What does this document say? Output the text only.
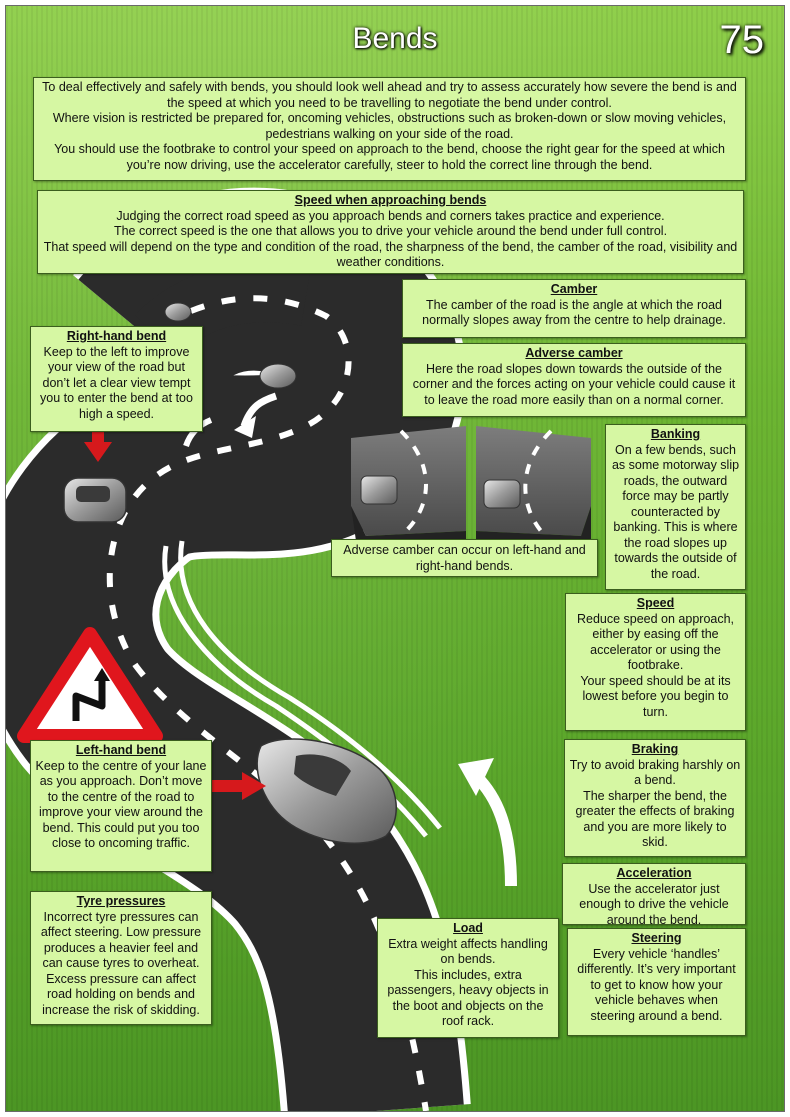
Bends	75
To deal effectively and safely with bends, you should look well ahead and try to assess accurately how severe the bend is and the speed at which you need to be travelling to negotiate the bend under control.
Where vision is restricted be prepared for, oncoming vehicles, obstructions such as broken-down or slow moving vehicles, pedestrians walking on your side of the road.
You should use the footbrake to control your speed on approach to the bend, choose the right gear for the speed at which you’re now driving, use the accelerator carefully, steer to hold the correct line through the bend.
Speed when approaching bends
Judging the correct road speed as you approach bends and corners takes practice and experience.
The correct speed is the one that allows you to drive your vehicle around the bend under full control.
That speed will depend on the type and condition of the road, the sharpness of the bend, the camber of the road, visibility and weather conditions.
Camber
The camber of the road is the angle at which the road normally slopes away from the centre to help drainage.
Adverse camber
Here the road slopes down towards the outside of the corner and the forces acting on your vehicle could cause it to leave the road more easily than on a normal corner.
Right-hand bend
Keep to the left to improve your view of the road but don’t let a clear view tempt you to enter the bend at too high a speed.
Banking
On a few bends, such as some motorway slip roads, the outward force may be partly counteracted by banking. This is where the road slopes up towards the outside of the road.
Adverse camber can occur on left-hand and right-hand bends.
Speed
Reduce speed on approach, either by easing off the accelerator or using the footbrake.
Your speed should be at its lowest before you begin to turn.
Left-hand bend
Keep to the centre of your lane as you approach. Don’t move to the centre of the road to improve your view around the bend. This could put you too close to oncoming traffic.
Braking
Try to avoid braking harshly on a bend.
The sharper the bend, the greater the effects of braking and you are more likely to skid.
Acceleration
Use the accelerator just enough to drive the vehicle around the bend.
Tyre pressures
Incorrect tyre pressures can affect steering. Low pressure produces a heavier feel and can cause tyres to overheat. Excess pressure can affect road holding on bends and increase the risk of skidding.
Load
Extra weight affects handling on bends.
This includes, extra passengers, heavy objects in the boot and objects on the roof rack.
Steering
Every vehicle ‘handles’ differently. It’s very important to get to know how your vehicle behaves when steering around a bend.
